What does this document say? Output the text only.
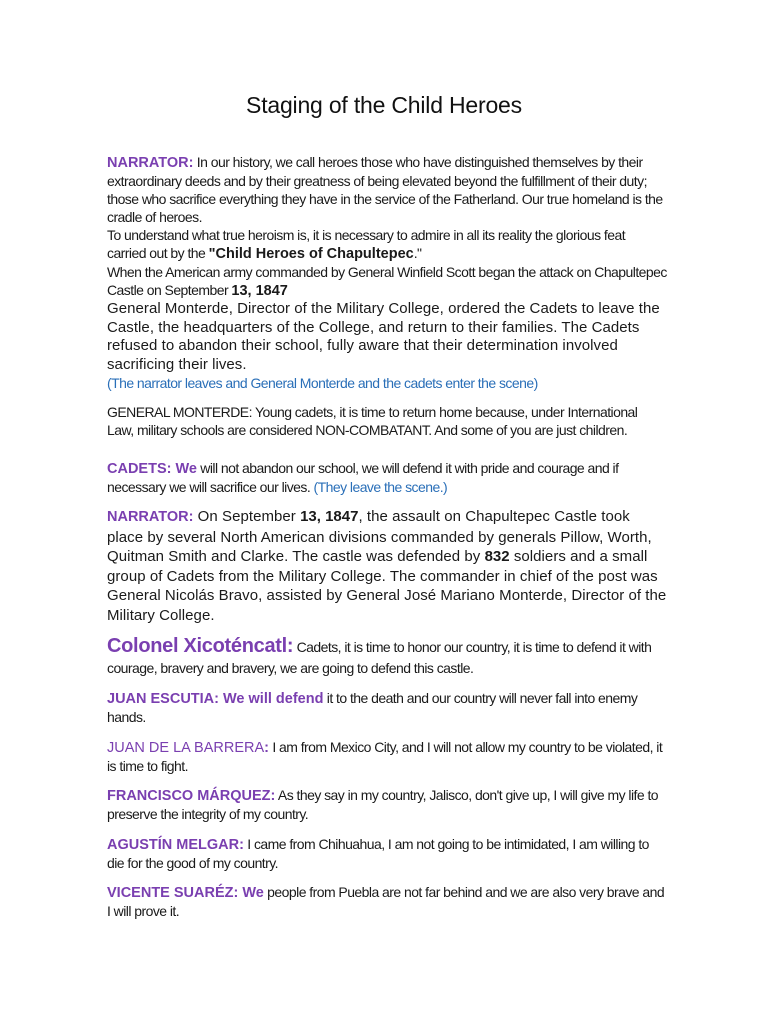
Staging of the Child Heroes

NARRATOR: In our history, we call heroes those who have distinguished themselves by their extraordinary deeds and by their greatness of being elevated beyond the fulfillment of their duty; those who sacrifice everything they have in the service of the Fatherland. Our true homeland is the cradle of heroes.

To understand what true heroism is, it is necessary to admire in all its reality the glorious feat carried out by the "Child Heroes of Chapultepec."

When the American army commanded by General Winfield Scott began the attack on Chapultepec Castle on September 13, 1847

General Monterde, Director of the Military College, ordered the Cadets to leave the Castle, the headquarters of the College, and return to their families. The Cadets refused to abandon their school, fully aware that their determination involved sacrificing their lives.

(The narrator leaves and General Monterde and the cadets enter the scene)

GENERAL MONTERDE: Young cadets, it is time to return home because, under International Law, military schools are considered NON-COMBATANT. And some of you are just children.

CADETS: We will not abandon our school, we will defend it with pride and courage and if necessary we will sacrifice our lives. (They leave the scene.)

NARRATOR: On September 13, 1847, the assault on Chapultepec Castle took place by several North American divisions commanded by generals Pillow, Worth, Quitman Smith and Clarke. The castle was defended by 832 soldiers and a small group of Cadets from the Military College. The commander in chief of the post was General Nicolás Bravo, assisted by General José Mariano Monterde, Director of the Military College.

Colonel Xicoténcatl: Cadets, it is time to honor our country, it is time to defend it with courage, bravery and bravery, we are going to defend this castle.

JUAN ESCUTIA: We will defend it to the death and our country will never fall into enemy hands.

JUAN DE LA BARRERA: I am from Mexico City, and I will not allow my country to be violated, it is time to fight.

FRANCISCO MÁRQUEZ: As they say in my country, Jalisco, don't give up, I will give my life to preserve the integrity of my country.

AGUSTÍN MELGAR: I came from Chihuahua, I am not going to be intimidated, I am willing to die for the good of my country.

VICENTE SUARÉZ: We people from Puebla are not far behind and we are also very brave and I will prove it.
